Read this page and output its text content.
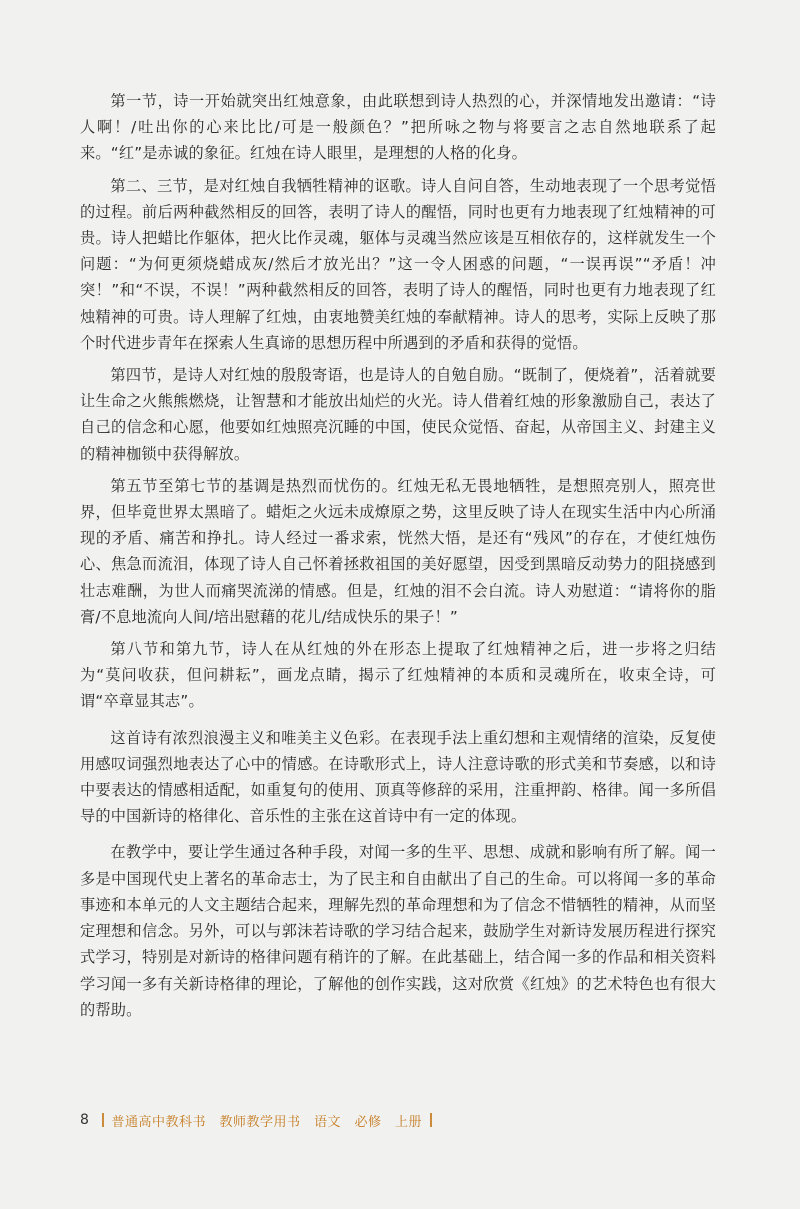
第一节，诗一开始就突出红烛意象，由此联想到诗人热烈的心，并深情地发出邀请：“诗人啊！/吐出你的心来比比/可是一般颜色？”把所咏之物与将要言之志自然地联系了起来。“红”是赤诚的象征。红烛在诗人眼里，是理想的人格的化身。

第二、三节，是对红烛自我牺牲精神的讴歌。诗人自问自答，生动地表现了一个思考觉悟的过程。前后两种截然相反的回答，表明了诗人的醒悟，同时也更有力地表现了红烛精神的可贵。诗人把蜡比作躯体，把火比作灵魂，躯体与灵魂当然应该是互相依存的，这样就发生一个问题：“为何更须烧蜡成灰/然后才放光出？”这一令人困惑的问题，“一误再误”“矛盾！冲突！”和“不误，不误！”两种截然相反的回答，表明了诗人的醒悟，同时也更有力地表现了红烛精神的可贵。诗人理解了红烛，由衷地赞美红烛的奉献精神。诗人的思考，实际上反映了那个时代进步青年在探索人生真谛的思想历程中所遇到的矛盾和获得的觉悟。

第四节，是诗人对红烛的殷殷寄语，也是诗人的自勉自励。“既制了，便烧着”，活着就要让生命之火熊熊燃烧，让智慧和才能放出灿烂的火光。诗人借着红烛的形象激励自己，表达了自己的信念和心愿，他要如红烛照亮沉睡的中国，使民众觉悟、奋起，从帝国主义、封建主义的精神枷锁中获得解放。

第五节至第七节的基调是热烈而忧伤的。红烛无私无畏地牺牲，是想照亮别人，照亮世界，但毕竟世界太黑暗了。蜡炬之火远未成燎原之势，这里反映了诗人在现实生活中内心所涌现的矛盾、痛苦和挣扎。诗人经过一番求索，恍然大悟，是还有“残风”的存在，才使红烛伤心、焦急而流泪，体现了诗人自己怀着拯救祖国的美好愿望，因受到黑暗反动势力的阻挠感到壮志难酬，为世人而痛哭流涕的情感。但是，红烛的泪不会白流。诗人劝慰道：“请将你的脂膏/不息地流向人间/培出慰藉的花儿/结成快乐的果子！”

第八节和第九节，诗人在从红烛的外在形态上提取了红烛精神之后，进一步将之归结为“莫问收获，但问耕耘”，画龙点睛，揭示了红烛精神的本质和灵魂所在，收束全诗，可谓“卒章显其志”。

这首诗有浓烈浪漫主义和唯美主义色彩。在表现手法上重幻想和主观情绪的渲染，反复使用感叹词强烈地表达了心中的情感。在诗歌形式上，诗人注意诗歌的形式美和节奏感，以和诗中要表达的情感相适配，如重复句的使用、顶真等修辞的采用，注重押韵、格律。闻一多所倡导的中国新诗的格律化、音乐性的主张在这首诗中有一定的体现。

在教学中，要让学生通过各种手段，对闻一多的生平、思想、成就和影响有所了解。闻一多是中国现代史上著名的革命志士，为了民主和自由献出了自己的生命。可以将闻一多的革命事迹和本单元的人文主题结合起来，理解先烈的革命理想和为了信念不惜牺牲的精神，从而坚定理想和信念。另外，可以与郭沫若诗歌的学习结合起来，鼓励学生对新诗发展历程进行探究式学习，特别是对新诗的格律问题有稍许的了解。在此基础上，结合闻一多的作品和相关资料学习闻一多有关新诗格律的理论，了解他的创作实践，这对欣赏《红烛》的艺术特色也有很大的帮助。

8	普通高中教科书　教师教学用书　语文　必修　上册
